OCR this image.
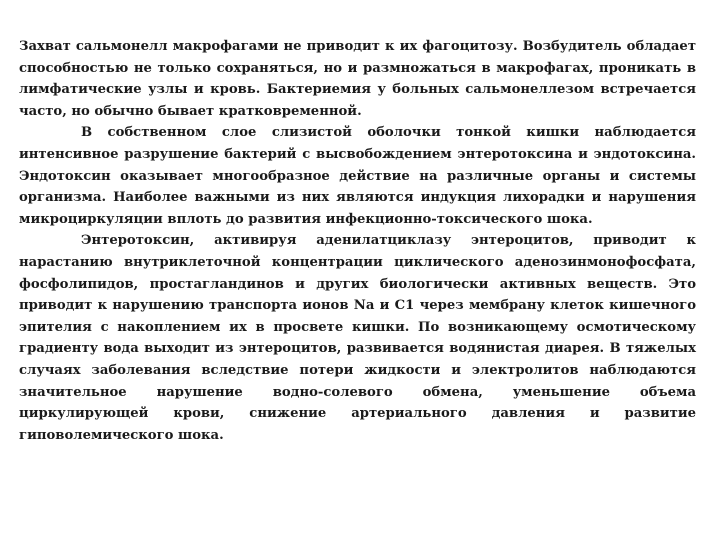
Захват сальмонелл макрофагами не приводит к их фагоцитозу. Возбудитель обладает способностью не только сохраняться, но и размножаться в макрофагах, проникать в лимфатические узлы и кровь. Бактериемия у больных сальмонеллезом встречается часто, но обычно бывает кратковременной.

В собственном слое слизистой оболочки тонкой кишки наблюдается интенсивное разрушение бактерий с высвобождением энтеротоксина и эндотоксина. Эндотоксин оказывает многообразное действие на различные органы и системы организма. Наиболее важными из них являются индукция лихорадки и нарушения микроциркуляции вплоть до развития инфекционно-токсического шока.

Энтеротоксин, активируя аденилатциклазу энтероцитов, приводит к нарастанию внутриклеточной концентрации циклического аденозинмонофосфата, фосфолипидов, простагландинов и других биологически активных веществ. Это приводит к нарушению транспорта ионов Na и C1 через мембрану клеток кишечного эпителия с накоплением их в просвете кишки. По возникающему осмотическому градиенту вода выходит из энтероцитов, развивается водянистая диарея. В тяжелых случаях заболевания вследствие потери жидкости и электролитов наблюдаются значительное нарушение водно-солевого обмена, уменьшение объема циркулирующей крови, снижение артериального давления и развитие гиповолемического шока.
